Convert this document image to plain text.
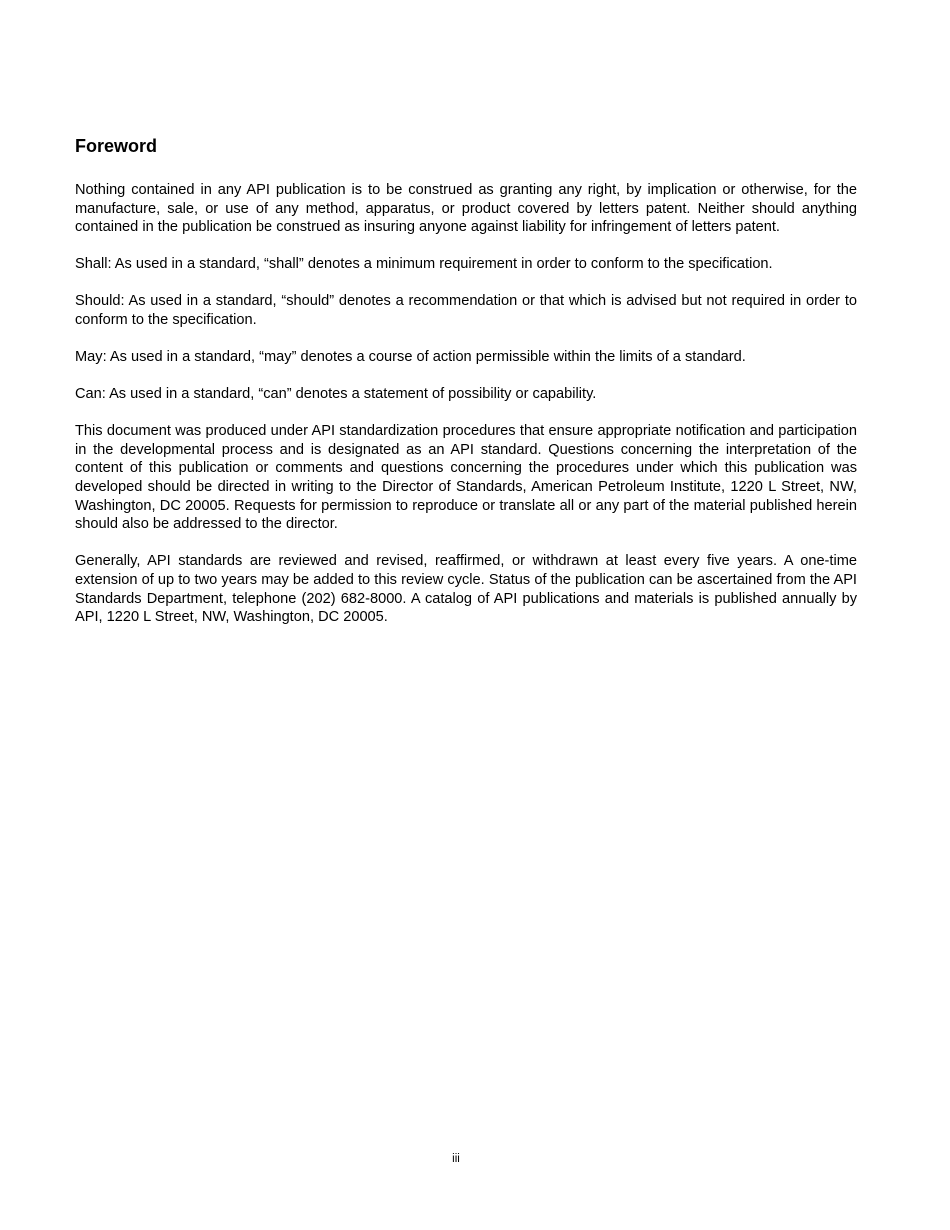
Foreword

Nothing contained in any API publication is to be construed as granting any right, by implication or otherwise, for the manufacture, sale, or use of any method, apparatus, or product covered by letters patent. Neither should anything contained in the publication be construed as insuring anyone against liability for infringement of letters patent.

Shall: As used in a standard, “shall” denotes a minimum requirement in order to conform to the specification.

Should: As used in a standard, “should” denotes a recommendation or that which is advised but not required in order to conform to the specification.

May: As used in a standard, “may” denotes a course of action permissible within the limits of a standard.

Can: As used in a standard, “can” denotes a statement of possibility or capability.

This document was produced under API standardization procedures that ensure appropriate notification and participation in the developmental process and is designated as an API standard. Questions concerning the interpretation of the content of this publication or comments and questions concerning the procedures under which this publication was developed should be directed in writing to the Director of Standards, American Petroleum Institute, 1220 L Street, NW, Washington, DC 20005. Requests for permission to reproduce or translate all or any part of the material published herein should also be addressed to the director.

Generally, API standards are reviewed and revised, reaffirmed, or withdrawn at least every five years. A one-time extension of up to two years may be added to this review cycle. Status of the publication can be ascertained from the API Standards Department, telephone (202) 682-8000. A catalog of API publications and materials is published annually by API, 1220 L Street, NW, Washington, DC 20005.

iii
